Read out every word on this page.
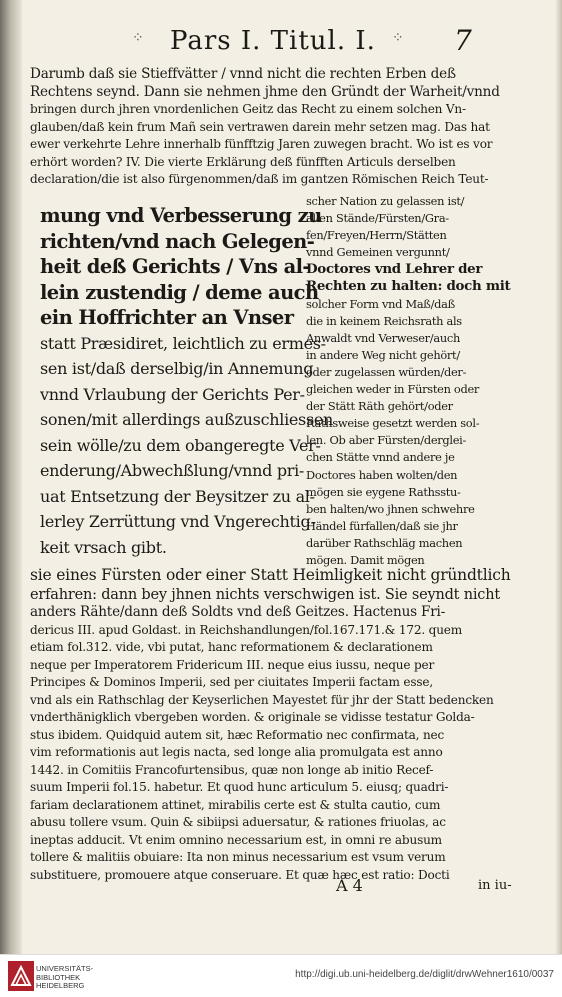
⁘ Pars I. Titul. I. ⁘ 7
Darumb daß sie Stieffvätter / vnnd nicht die rechten Erben deß
Rechtens seynd. Dann sie nehmen jhme den Gründt der Warheit/vnnd
bringen durch jhren vnordenlichen Geitz das Recht zu einem solchen Vn-
glauben/daß kein frum Mañ sein vertrawen darein mehr setzen mag. Das hat
ewer verkehrte Lehre innerhalb fünfftzig Jaren zuwegen bracht. Wo ist es vor
erhört worden? IV. Die vierte Erklärung deß fünfften Articuls derselben
declaration/die ist also fürgenommen/daß im gantzen Römischen Reich Teut-
mung vnd Verbesserung zu
richten/vnd nach Gelegen-
heit deß Gerichts / Vns al-
lein zustendig / deme auch
ein Hoffrichter an Vnser
statt Præsidiret, leichtlich zu ermes-
sen ist/daß derselbig/in Annemung
vnnd Vrlaubung der Gerichts Per-
sonen/mit allerdings außzuschliessen
sein wölle/zu dem obangeregte Ver-
enderung/Abwechßlung/vnnd pri-
uat Entsetzung der Beysitzer zu al-
lerley Zerrüttung vnd Vngerechtig-
keit vrsach gibt.
scher Nation zu gelassen ist/
allen Stände/Fürsten/Gra-
fen/Freyen/Herrn/Stätten
vnnd Gemeinen vergunnt/
Doctores vnd Lehrer der
Rechten zu halten: doch mit
solcher Form vnd Maß/daß
die in keinem Reichsrath als
Anwaldt vnd Verweser/auch
in andere Weg nicht gehört/
oder zugelassen würden/der-
gleichen weder in Fürsten oder
der Stätt Räth gehört/oder
Rathsweise gesetzt werden sol-
len. Ob aber Fürsten/derglei-
chen Stätte vnnd andere je
Doctores haben wolten/den
mögen sie eygene Rathsstu-
ben halten/wo jhnen schwehre
Händel fürfallen/daß sie jhr
darüber Rathschläg machen
mögen. Damit mögen
sie eines Fürsten oder einer Statt Heimligkeit nicht gründtlich
erfahren: dann bey jhnen nichts verschwigen ist. Sie seyndt nicht
anders Rähte/dann deß Soldts vnd deß Geitzes. Hactenus Fri-
dericus III. apud Goldast. in Reichshandlungen/fol.167.171.& 172. quem
etiam fol.312. vide, vbi putat, hanc reformationem & declarationem
neque per Imperatorem Fridericum III. neque eius iussu, neque per
Principes & Dominos Imperii, sed per ciuitates Imperii factam esse,
vnd als ein Rathschlag der Keyserlichen Mayestet für jhr der Statt bedencken
vnderthänigklich vbergeben worden. & originale se vidisse testatur Golda-
stus ibidem. Quidquid autem sit, hæc Reformatio nec confirmata, nec
vim reformationis aut legis nacta, sed longe alia promulgata est anno
1442. in Comitiis Francofurtensibus, quæ non longe ab initio Recef-
suum Imperii fol.15. habetur. Et quod hunc articulum 5. eiusq; quadri-
fariam declarationem attinet, mirabilis certe est & stulta cautio, cum
abusu tollere vsum. Quin & sibiipsi aduersatur, & rationes friuolas, ac
ineptas adducit. Vt enim omnino necessarium est, in omni re abusum
tollere & malitiis obuiare: Ita non minus necessarium est vsum verum
substituere, promouere atque conseruare. Et quæ hæc est ratio: Docti
A 4	in iu-
UNIVERSITÄTS-
BIBLIOTHEK
HEIDELBERG
http://digi.ub.uni-heidelberg.de/diglit/drwWehner1610/0037
